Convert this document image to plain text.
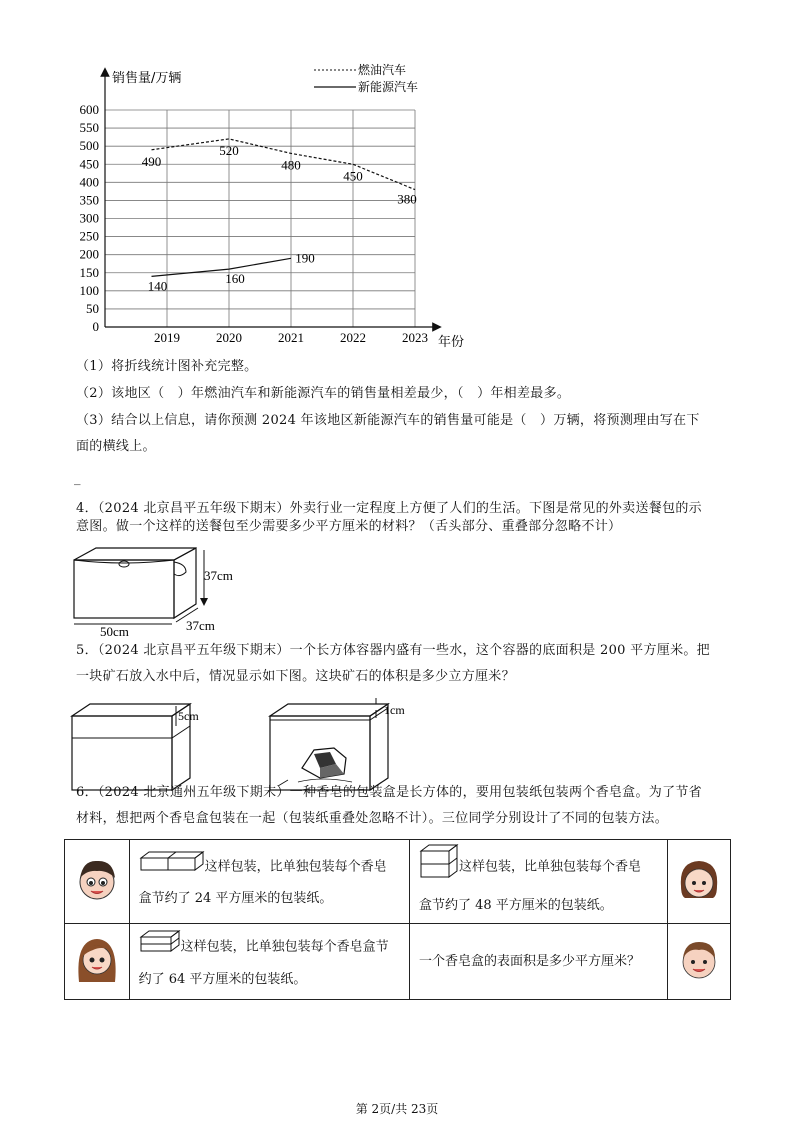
0
50
100
150
200
250
300
350
400
450
500
550
600
2019	2020	2021	2022	2023
490
520
480
450
380
140	160
190
销售量/万辆
年份
燃油汽车
新能源汽车
（1）将折线统计图补充完整。
（2）该地区（　）年燃油汽车和新能源汽车的销售量相差最少，（　）年相差最多。
（3）结合以上信息，请你预测 2024 年该地区新能源汽车的销售量可能是（　）万辆，将预测理由写在下
面的横线上。
_
4．（2024 北京昌平五年级下期末）外卖行业一定程度上方便了人们的生活。下图是常见的外卖送餐包的示
意图。做一个这样的送餐包至少需要多少平方厘米的材料？（舌头部分、重叠部分忽略不计）
37cm
50cm	37cm
5．（2024 北京昌平五年级下期末）一个长方体容器内盛有一些水，这个容器的底面积是 200 平方厘米。把
一块矿石放入水中后，情况显示如下图。这块矿石的体积是多少立方厘米？
5cm	1cm
6．（2024 北京通州五年级下期末）一种香皂的包装盒是长方体的，要用包装纸包装两个香皂盒。为了节省
材料，想把两个香皂盒包装在一起（包装纸重叠处忽略不计）。三位同学分别设计了不同的包装方法。

这样包装，比单独包装每个香皂
盒节约了 24 平方厘米的包装纸。	这样包装，比单独包装每个香皂
盒节约了 48 平方厘米的包装纸。

这样包装，比单独包装每个香皂盒节
约了 64 平方厘米的包装纸。	一个香皂盒的表面积是多少平方厘米？

第 2页/共 23页
